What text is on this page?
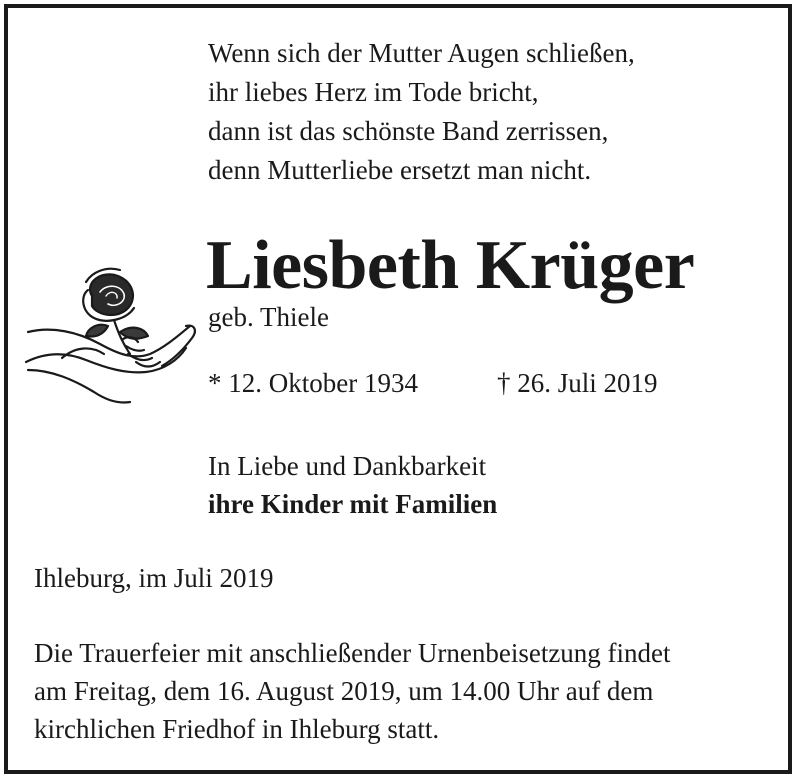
Wenn sich der Mutter Augen schließen,
ihr liebes Herz im Tode bricht,
dann ist das schönste Band zerrissen,
denn Mutterliebe ersetzt man nicht.
Liesbeth Krüger
geb. Thiele
* 12. Oktober 1934	† 26. Juli 2019
In Liebe und Dankbarkeit
ihre Kinder mit Familien
Ihleburg, im Juli 2019
Die Trauerfeier mit anschließender Urnenbeisetzung findet
am Freitag, dem 16. August 2019, um 14.00 Uhr auf dem
kirchlichen Friedhof in Ihleburg statt.
